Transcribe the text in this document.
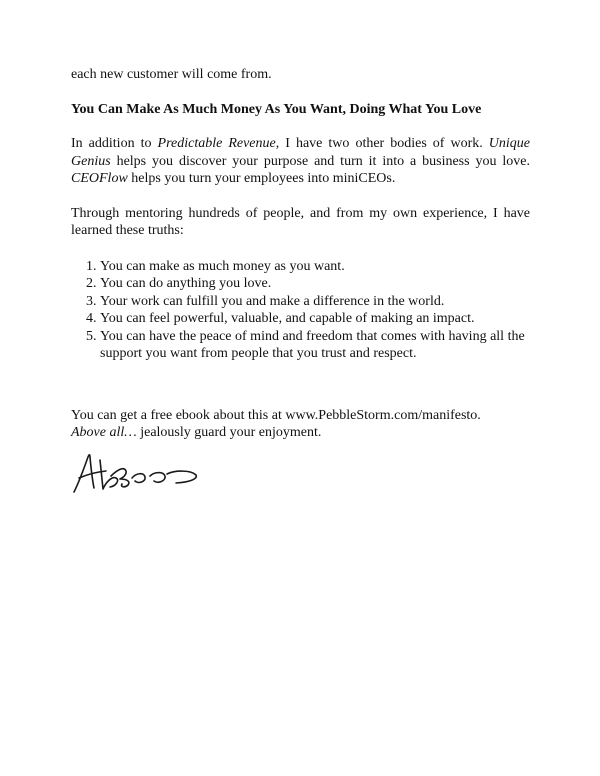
each new customer will come from.

You Can Make As Much Money As You Want, Doing What You Love

In addition to Predictable Revenue, I have two other bodies of work. Unique Genius helps you discover your purpose and turn it into a business you love. CEOFlow helps you turn your employees into miniCEOs.

Through mentoring hundreds of people, and from my own experience, I have learned these truths:

1. You can make as much money as you want.
2. You can do anything you love.
3. Your work can fulfill you and make a difference in the world.
4. You can feel powerful, valuable, and capable of making an impact.
5. You can have the peace of mind and freedom that comes with having all the support you want from people that you trust and respect.

You can get a free ebook about this at www.PebbleStorm.com/manifesto.

Above all… jealously guard your enjoyment.
